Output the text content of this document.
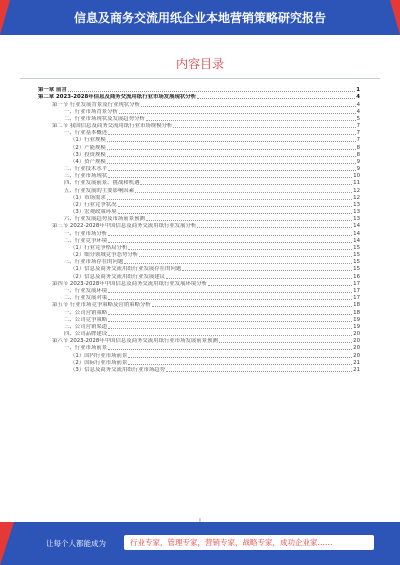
信息及商务交流用纸企业本地营销策略研究报告
内容目录
第一章 前言	1
第二章 2023-2028年信息及商务交流用纸行业市场发展现状分析	4
第一节 行业发展背景及行业现状分析	4
一、行业市场背景分析	4
二、行业市场现状及发展趋势分析	5
第二节 我国信息及商务交流用纸行业市场规模分析	7
一、行业基本概述	7
（1）行业规模	7
（2）产能规模	8
（3）投资规模	8
（4）资产规模	9
二、行业技术水平	9
三、行业市场现状	10
四、行业发展前景、挑战和机遇	11
五、行业发展的主要影响因素	12
（1）市场需求	12
（2）行业竞争状况	13
（3）宏观政策环境	13
六、行业发展趋势及市场前景预测	13
第三节 2022-2028年中国信息及商务交流用纸行业发展分析	14
一、行业市场分析	14
二、行业竞争环境	14
（1）行业竞争格局分析	15
（2）细分领域竞争态势分析	15
三、行业市场存在的问题	15
（1）信息及商务交流用纸行业发展存在的问题	15
（2）信息及商务交流用纸行业发展建议	16
第四节 2023-2028年中国信息及商务交流用纸行业发展环境分析	17
一、行业发展环境	17
二、行业发展对策	17
第五节 行业市场竞争策略及营销策略分析	18
一、公司营销策略	18
二、公司竞争策略	19
三、公司营销渠道	19
四、公司品牌建设	20
第六节 2023-2028年中国信息及商务交流用纸行业市场发展前景预测	20
一、行业市场前景	20
（1）国内行业市场前景	20
（2）国际行业市场前景	21
（3）信息及商务交流用纸行业市场趋势	21
I
让每个人都能成为	行业专家，管理专家，营销专家，战略专家，成功企业家……
